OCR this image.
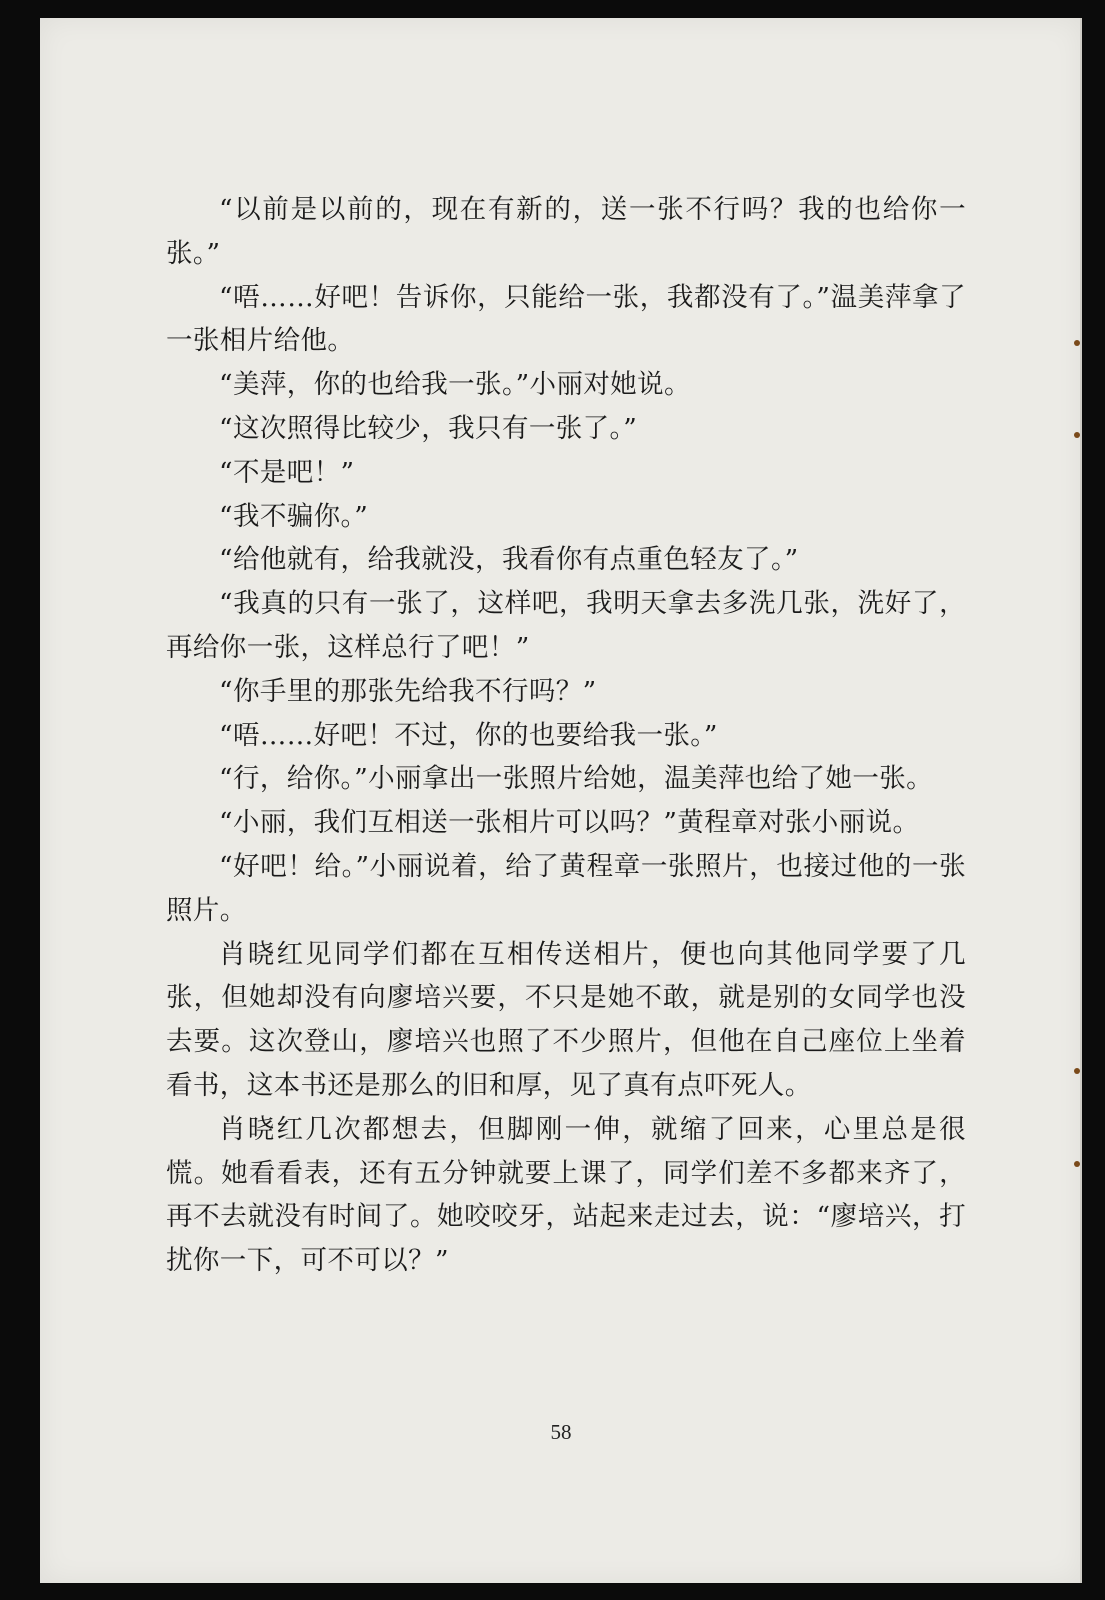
“以前是以前的，现在有新的，送一张不行吗？我的也给你一张。”

“唔……好吧！告诉你，只能给一张，我都没有了。”温美萍拿了一张相片给他。

“美萍，你的也给我一张。”小丽对她说。

“这次照得比较少，我只有一张了。”

“不是吧！”

“我不骗你。”

“给他就有，给我就没，我看你有点重色轻友了。”

“我真的只有一张了，这样吧，我明天拿去多洗几张，洗好了，再给你一张，这样总行了吧！”

“你手里的那张先给我不行吗？”

“唔……好吧！不过，你的也要给我一张。”

“行，给你。”小丽拿出一张照片给她，温美萍也给了她一张。

“小丽，我们互相送一张相片可以吗？”黄程章对张小丽说。

“好吧！给。”小丽说着，给了黄程章一张照片，也接过他的一张照片。

肖晓红见同学们都在互相传送相片，便也向其他同学要了几张，但她却没有向廖培兴要，不只是她不敢，就是别的女同学也没去要。这次登山，廖培兴也照了不少照片，但他在自己座位上坐着看书，这本书还是那么的旧和厚，见了真有点吓死人。

肖晓红几次都想去，但脚刚一伸，就缩了回来，心里总是很慌。她看看表，还有五分钟就要上课了，同学们差不多都来齐了，再不去就没有时间了。她咬咬牙，站起来走过去，说：“廖培兴，打扰你一下，可不可以？”

58
